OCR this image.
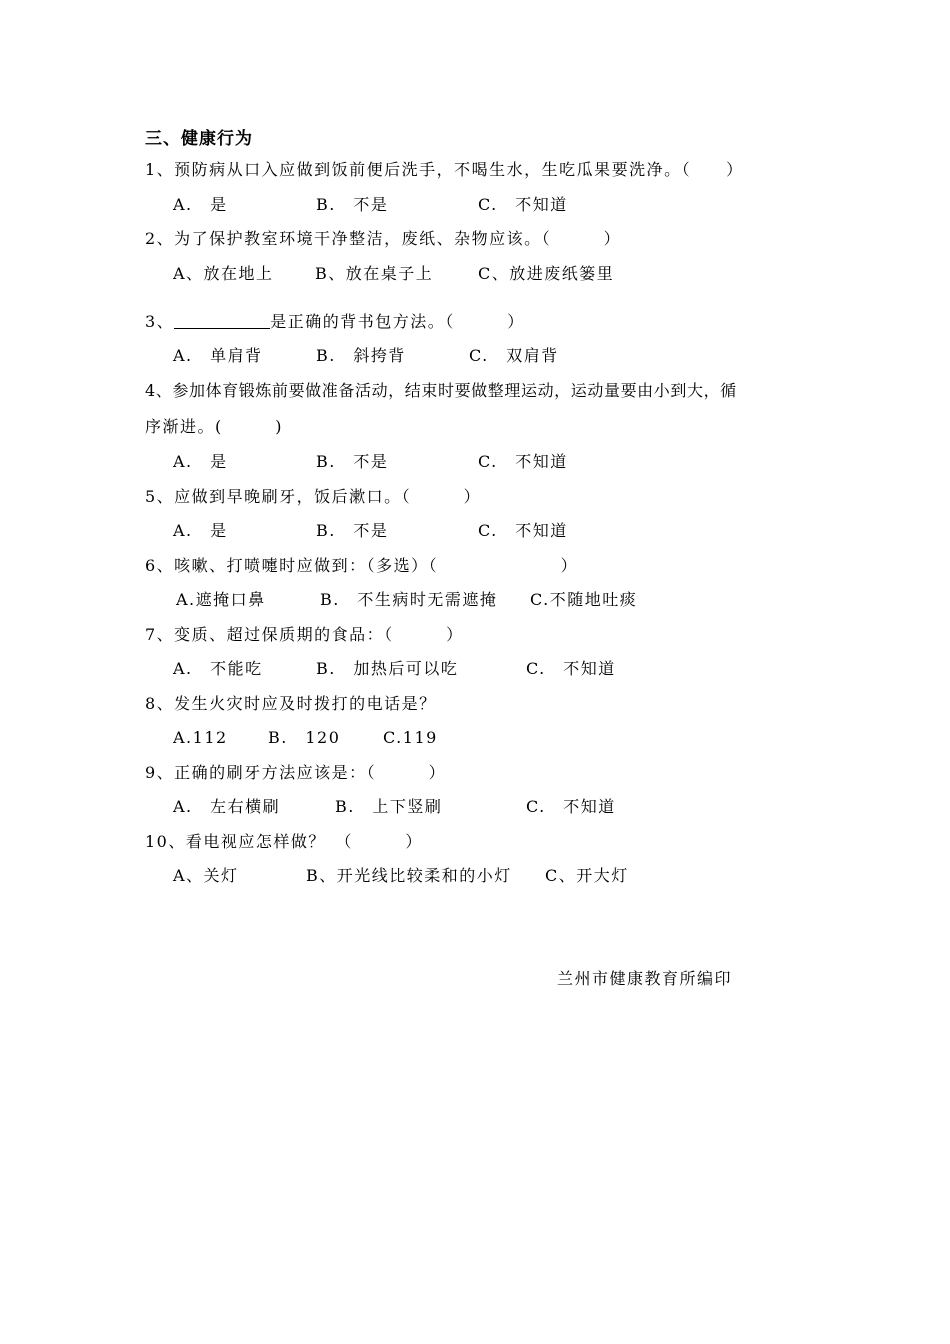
三、健康行为
1、预防病从口入应做到饭前便后洗手，不喝生水，生吃瓜果要洗净。（　　）
A.　是	B.　不是	C.　不知道
2、为了保护教室环境干净整洁，废纸、杂物应该。（　　　）
A、放在地上	B、放在桌子上	C、放进废纸篓里
3、	是正确的背书包方法。（　　　）
A.　单肩背	B.　斜挎背	C.　双肩背
4、参加体育锻炼前要做准备活动，结束时要做整理运动，运动量要由小到大，循
序渐进。(　　　)
A.　是	B.　不是	C.　不知道
5、应做到早晚刷牙，饭后漱口。（　　　）
A.　是	B.　不是	C.　不知道
6、咳嗽、打喷嚏时应做到：（多选）（　　　　　　　）
A.遮掩口鼻	B.　不生病时无需遮掩 C.不随地吐痰
7、变质、超过保质期的食品：（　　　）
A.　不能吃	B.　加热后可以吃	C.　不知道
8、发生火灾时应及时拨打的电话是？
A.112	B.　120	C.119
9、正确的刷牙方法应该是：（　　　）
A.　左右横刷	B.　上下竖刷	C.　不知道
10、看电视应怎样做？　（　　　）
A、关灯	B、开光线比较柔和的小灯 C、开大灯
兰州市健康教育所编印
